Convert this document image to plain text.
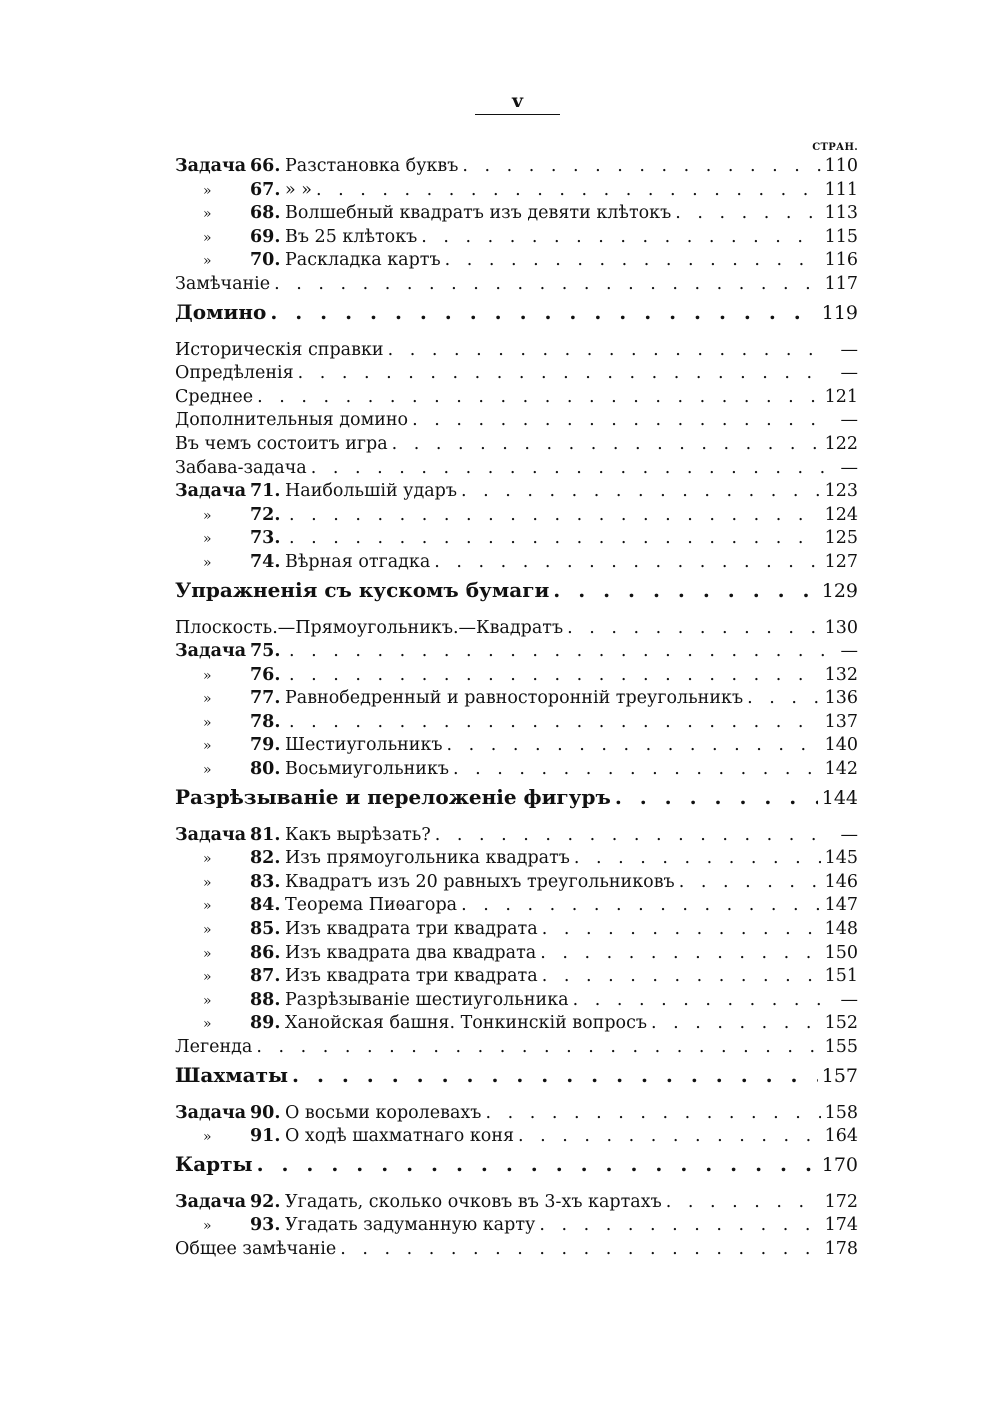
v
СТРАН.
Задача 66. Разстановка буквъ . . .	110
»	67. » » . . .	111
»	68. Волшебный квадратъ изъ девяти клѣтокъ . . .	113
»	69. Въ 25 клѣтокъ . . .	115
»	70. Раскладка картъ . . .	116
Замѣчаніе . . .	117
Домино . . .	119
Историческія справки . . .	—
Опредѣленія . . .	—
Среднее . . .	121
Дополнительныя домино . . .	—
Въ чемъ состоитъ игра . . .	122
Забава-задача . . .	—
Задача 71. Наибольшій ударъ . . .	123
»	72. . . .	124
»	73. . . .	125
»	74. Вѣрная отгадка . . .	127
Упражненія съ кускомъ бумаги . . .	129
Плоскость.—Прямоугольникъ.—Квадратъ . . .	130
Задача 75. . . .	—
»	76. . . .	132
»	77. Равнобедренный и равносторонній треугольникъ . . .	136
»	78. . . .	137
»	79. Шестиугольникъ . . .	140
»	80. Восьмиугольникъ . . .	142
Разрѣзываніе и переложеніе фигуръ . . .	144
Задача 81. Какъ вырѣзать? . . .	—
»	82. Изъ прямоугольника квадратъ . . .	145
»	83. Квадратъ изъ 20 равныхъ треугольниковъ . . .	146
»	84. Теорема Пиѳагора . . .	147
»	85. Изъ квадрата три квадрата . . .	148
»	86. Изъ квадрата два квадрата . . .	150
»	87. Изъ квадрата три квадрата . . .	151
»	88. Разрѣзываніе шестиугольника . . .	—
»	89. Ханойская башня. Тонкинскій вопросъ . . .	152
Легенда . . .	155
Шахматы . . .	157
Задача 90. О восьми королевахъ . . .	158
»	91. О ходѣ шахматнаго коня . . .	164
Карты . . .	170
Задача 92. Угадать, сколько очковъ въ 3-хъ картахъ . . .	172
»	93. Угадать задуманную карту . . .	174
Общее замѣчаніе . . .	178
